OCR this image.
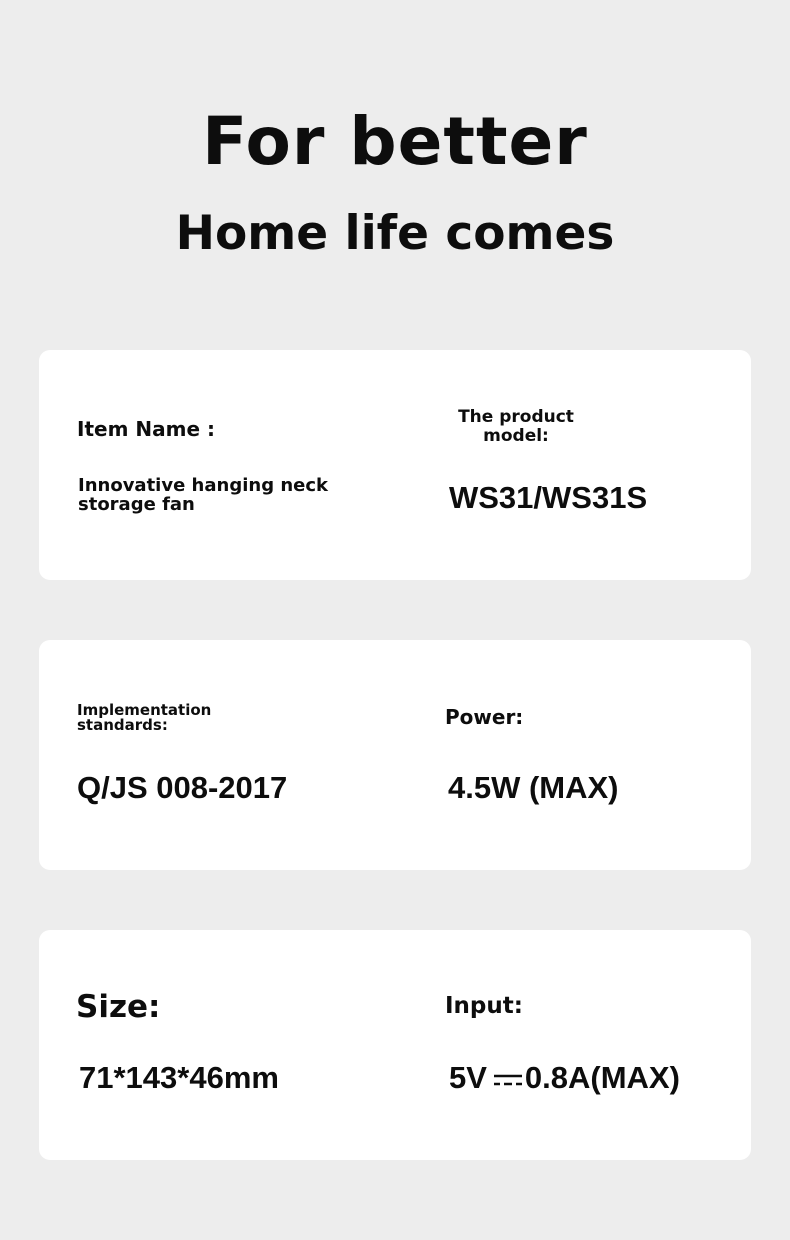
For better
Home life comes
Item Name :
Innovative hanging neck storage fan
The product model:
WS31/WS31S
Implementation standards:
Q/JS 008-2017
Power:
4.5W (MAX)
Size:
71*143*46mm
Input:
5V 0.8A(MAX)
